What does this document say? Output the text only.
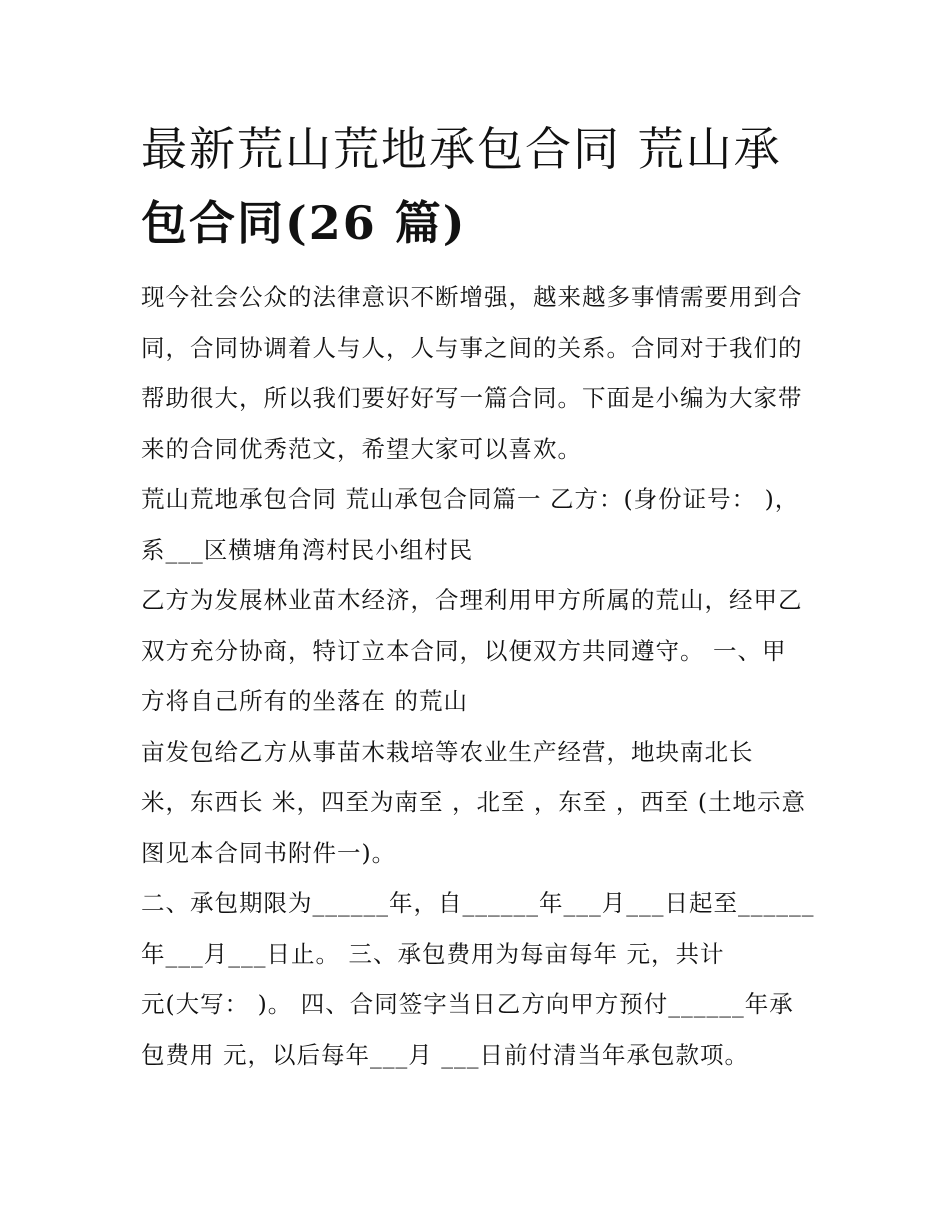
最新荒山荒地承包合同 荒山承
包合同(26 篇)
现今社会公众的法律意识不断增强，越来越多事情需要用到合
同，合同协调着人与人，人与事之间的关系。合同对于我们的
帮助很大，所以我们要好好写一篇合同。下面是小编为大家带
来的合同优秀范文，希望大家可以喜欢。
荒山荒地承包合同 荒山承包合同篇一 乙方：(身份证号： )，
系___区横塘角湾村民小组村民
乙方为发展林业苗木经济，合理利用甲方所属的荒山，经甲乙
双方充分协商，特订立本合同，以便双方共同遵守。 一、甲
方将自己所有的坐落在 的荒山
亩发包给乙方从事苗木栽培等农业生产经营，地块南北长
米，东西长 米，四至为南至 ，北至 ，东至 ，西至 (土地示意
图见本合同书附件一)。
二、承包期限为______年，自______年___月___日起至______
年___月___日止。 三、承包费用为每亩每年 元，共计
元(大写： )。 四、合同签字当日乙方向甲方预付______年承
包费用 元，以后每年___月 ___日前付清当年承包款项。
